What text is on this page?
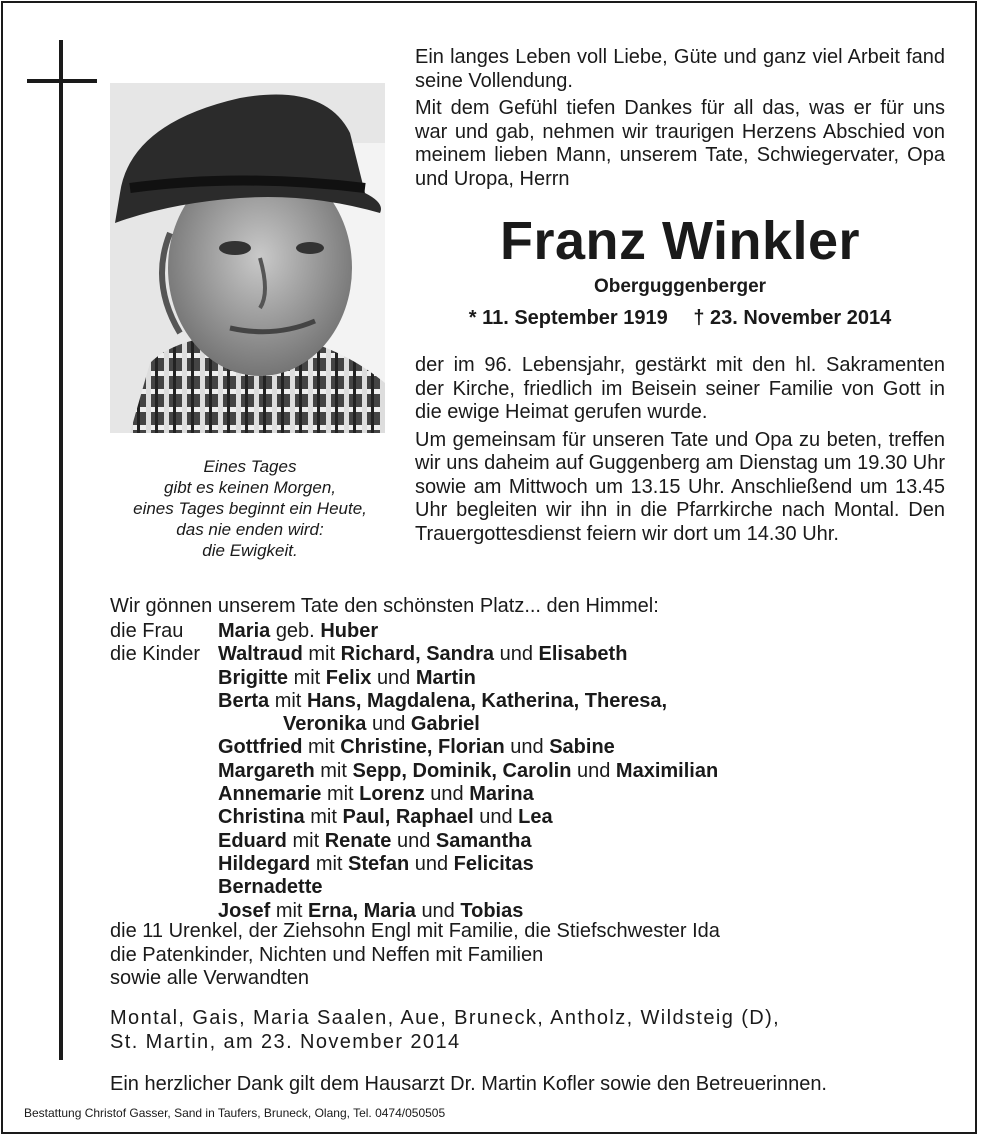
Eines Tages
gibt es keinen Morgen,
eines Tages beginnt ein Heute,
das nie enden wird:
die Ewigkeit.

Ein langes Leben voll Liebe, Güte und ganz viel Arbeit fand seine Vollendung.

Mit dem Gefühl tiefen Dankes für all das, was er für uns war und gab, nehmen wir traurigen Herzens Abschied von meinem lieben Mann, unserem Tate, Schwiegervater, Opa und Uropa, Herrn

Franz Winkler
Oberguggenberger
* 11. September 1919 † 23. November 2014

der im 96. Lebensjahr, gestärkt mit den hl. Sakramenten der Kirche, friedlich im Beisein seiner Familie von Gott in die ewige Heimat gerufen wurde.

Um gemeinsam für unseren Tate und Opa zu beten, treffen wir uns daheim auf Guggenberg am Dienstag um 19.30 Uhr sowie am Mittwoch um 13.15 Uhr. Anschließend um 13.45 Uhr begleiten wir ihn in die Pfarrkirche nach Montal. Den Trauergottesdienst feiern wir dort um 14.30 Uhr.

Wir gönnen unserem Tate den schönsten Platz... den Himmel:
die Frau Maria geb. Huber
die Kinder Waltraud mit Richard, Sandra und Elisabeth
Brigitte mit Felix und Martin
Berta mit Hans, Magdalena, Katherina, Theresa,
Veronika und Gabriel
Gottfried mit Christine, Florian und Sabine
Margareth mit Sepp, Dominik, Carolin und Maximilian
Annemarie mit Lorenz und Marina
Christina mit Paul, Raphael und Lea
Eduard mit Renate und Samantha
Hildegard mit Stefan und Felicitas
Bernadette
Josef mit Erna, Maria und Tobias
die 11 Urenkel, der Ziehsohn Engl mit Familie, die Stiefschwester Ida
die Patenkinder, Nichten und Neffen mit Familien
sowie alle Verwandten
Montal, Gais, Maria Saalen, Aue, Bruneck, Antholz, Wildsteig (D),
St. Martin, am 23. November 2014
Ein herzlicher Dank gilt dem Hausarzt Dr. Martin Kofler sowie den Betreuerinnen.
Bestattung Christof Gasser, Sand in Taufers, Bruneck, Olang, Tel. 0474/050505
